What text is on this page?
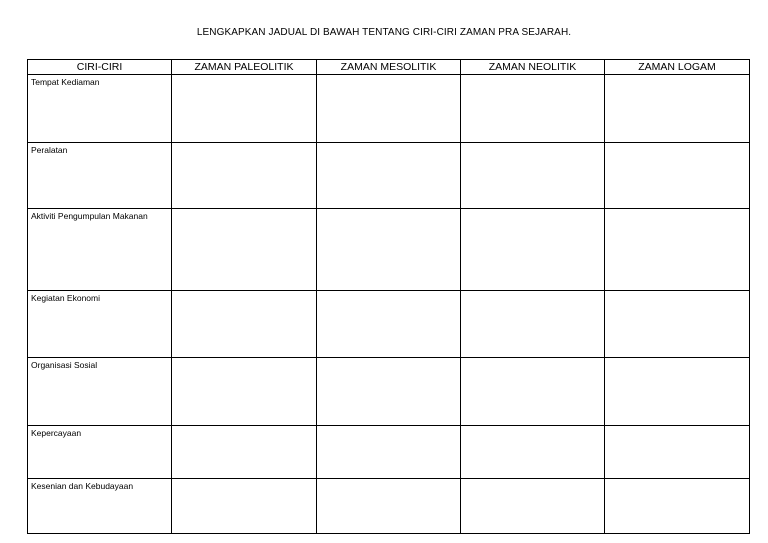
LENGKAPKAN JADUAL DI BAWAH TENTANG CIRI-CIRI ZAMAN PRA SEJARAH.
CIRI-CIRI	ZAMAN PALEOLITIK	ZAMAN MESOLITIK	ZAMAN NEOLITIK	ZAMAN LOGAM
Tempat Kediaman				
Peralatan				
Aktiviti Pengumpulan Makanan				
Kegiatan Ekonomi				
Organisasi Sosial				
Kepercayaan				
Kesenian dan Kebudayaan				
